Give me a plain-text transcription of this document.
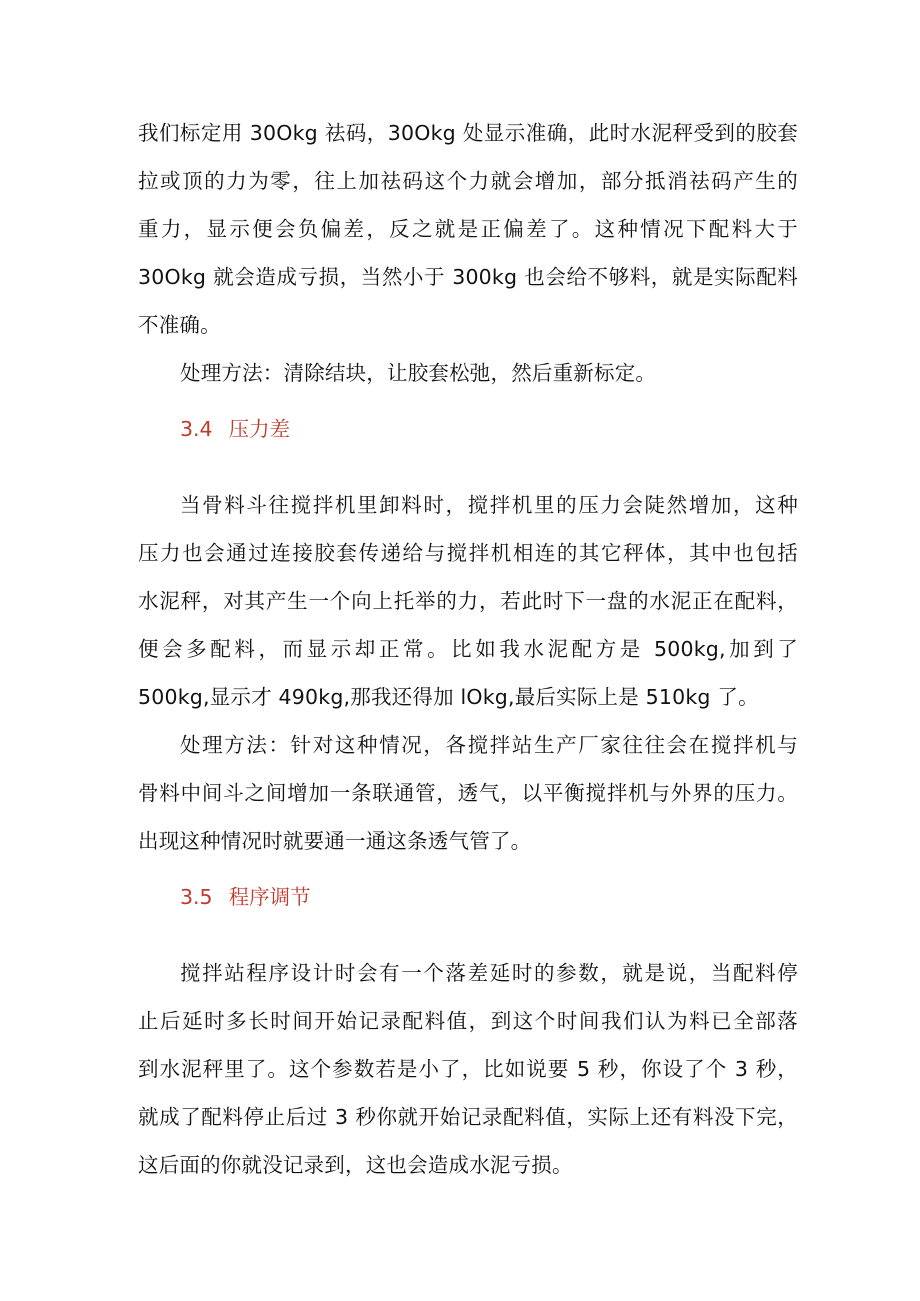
我们标定用 30Okg 祛码，30Okg 处显示准确，此时水泥秤受到的胶套
拉或顶的力为零，往上加祛码这个力就会增加，部分抵消祛码产生的
重力，显示便会负偏差，反之就是正偏差了。这种情况下配料大于
30Okg 就会造成亏损，当然小于 300kg 也会给不够料，就是实际配料
不准确。
处理方法：清除结块，让胶套松弛，然后重新标定。
3.4 压力差
当骨料斗往搅拌机里卸料时，搅拌机里的压力会陡然增加，这种
压力也会通过连接胶套传递给与搅拌机相连的其它秤体，其中也包括
水泥秤，对其产生一个向上托举的力，若此时下一盘的水泥正在配料，
便会多配料，而显示却正常。比如我水泥配方是 500kg,加到了
500kg,显示才 490kg,那我还得加 lOkg,最后实际上是 510kg 了。
处理方法：针对这种情况，各搅拌站生产厂家往往会在搅拌机与
骨料中间斗之间增加一条联通管，透气，以平衡搅拌机与外界的压力。
出现这种情况时就要通一通这条透气管了。
3.5 程序调节
搅拌站程序设计时会有一个落差延时的参数，就是说，当配料停
止后延时多长时间开始记录配料值，到这个时间我们认为料已全部落
到水泥秤里了。这个参数若是小了，比如说要 5 秒，你设了个 3 秒，
就成了配料停止后过 3 秒你就开始记录配料值，实际上还有料没下完，
这后面的你就没记录到，这也会造成水泥亏损。
